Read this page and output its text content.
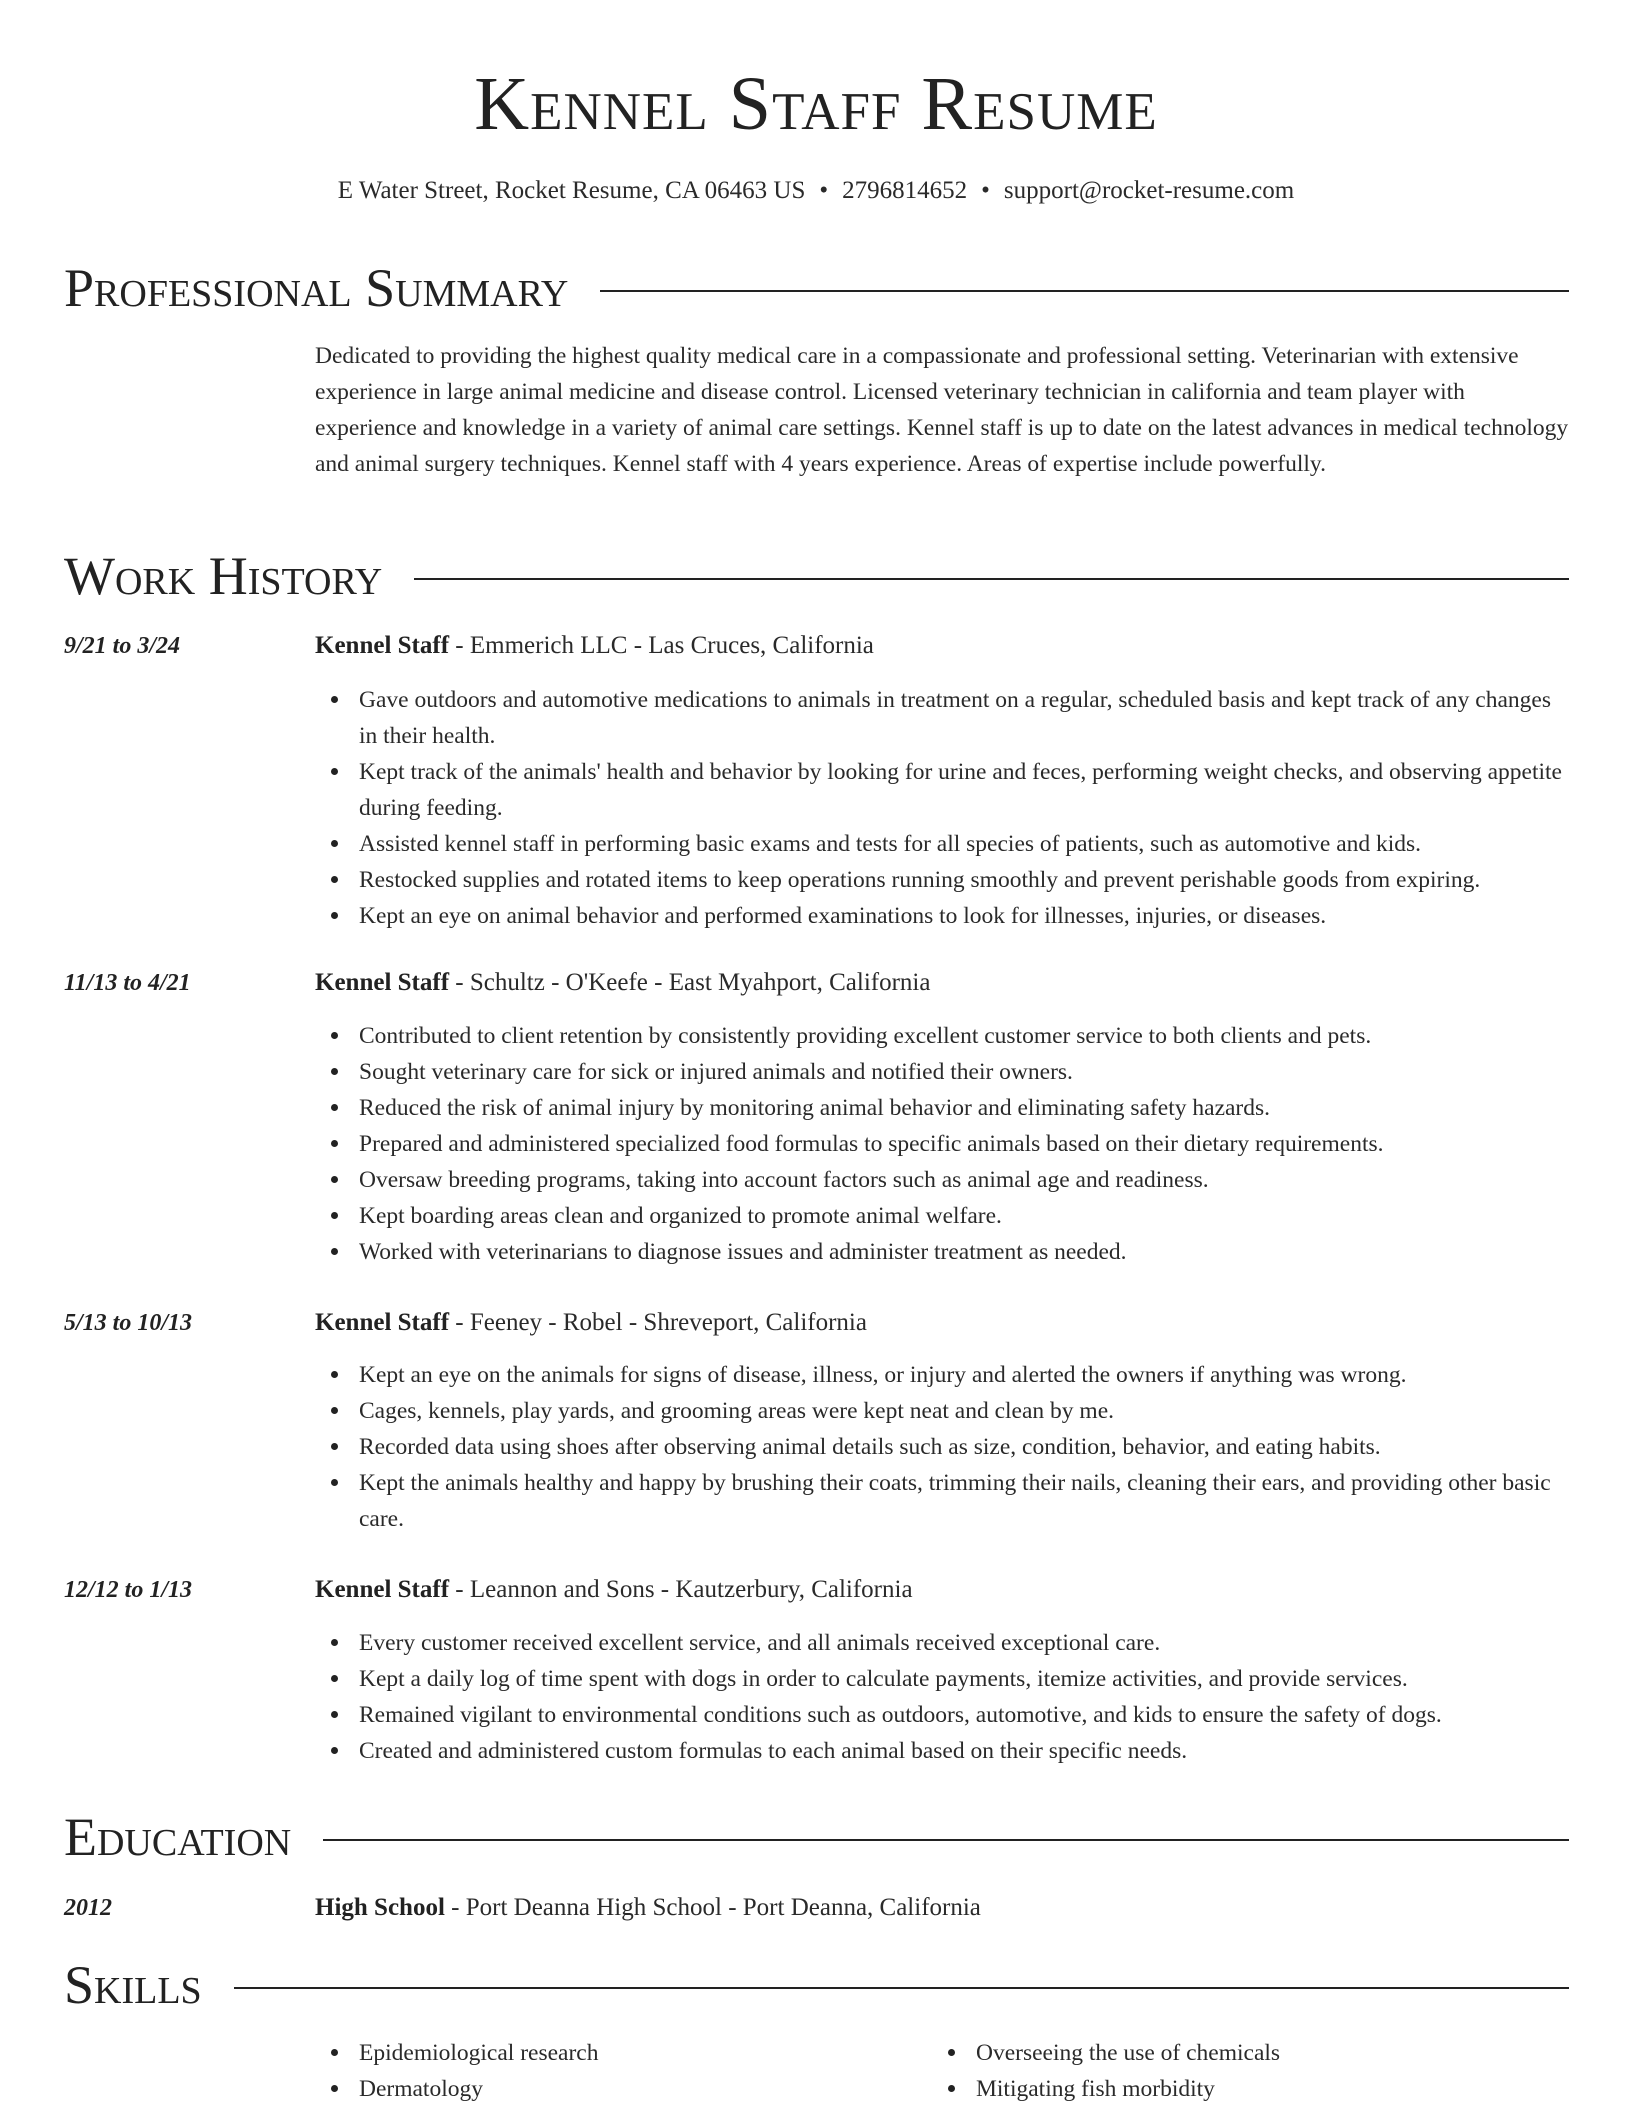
Kennel Staff Resume
E Water Street, Rocket Resume, CA 06463 US • 2796814652 • support@rocket-resume.com
Professional Summary

Dedicated to providing the highest quality medical care in a compassionate and professional setting. Veterinarian with extensive experience in large animal medicine and disease control. Licensed veterinary technician in california and team player with experience and knowledge in a variety of animal care settings. Kennel staff is up to date on the latest advances in medical technology and animal surgery techniques. Kennel staff with 4 years experience. Areas of expertise include powerfully.

Work History
9/21 to 3/24	Kennel Staff - Emmerich LLC - Las Cruces, California
Gave outdoors and automotive medications to animals in treatment on a regular, scheduled basis and kept track of any changes in their health.
Kept track of the animals' health and behavior by looking for urine and feces, performing weight checks, and observing appetite during feeding.
Assisted kennel staff in performing basic exams and tests for all species of patients, such as automotive and kids.
Restocked supplies and rotated items to keep operations running smoothly and prevent perishable goods from expiring.
Kept an eye on animal behavior and performed examinations to look for illnesses, injuries, or diseases.
11/13 to 4/21	Kennel Staff - Schultz - O'Keefe - East Myahport, California
Contributed to client retention by consistently providing excellent customer service to both clients and pets.
Sought veterinary care for sick or injured animals and notified their owners.
Reduced the risk of animal injury by monitoring animal behavior and eliminating safety hazards.
Prepared and administered specialized food formulas to specific animals based on their dietary requirements.
Oversaw breeding programs, taking into account factors such as animal age and readiness.
Kept boarding areas clean and organized to promote animal welfare.
Worked with veterinarians to diagnose issues and administer treatment as needed.
5/13 to 10/13	Kennel Staff - Feeney - Robel - Shreveport, California
Kept an eye on the animals for signs of disease, illness, or injury and alerted the owners if anything was wrong.
Cages, kennels, play yards, and grooming areas were kept neat and clean by me.
Recorded data using shoes after observing animal details such as size, condition, behavior, and eating habits.
Kept the animals healthy and happy by brushing their coats, trimming their nails, cleaning their ears, and providing other basic care.
12/12 to 1/13	Kennel Staff - Leannon and Sons - Kautzerbury, California
Every customer received excellent service, and all animals received exceptional care.
Kept a daily log of time spent with dogs in order to calculate payments, itemize activities, and provide services.
Remained vigilant to environmental conditions such as outdoors, automotive, and kids to ensure the safety of dogs.
Created and administered custom formulas to each animal based on their specific needs.
Education
2012	High School - Port Deanna High School - Port Deanna, California
Skills
Epidemiological research
Dermatology
Overseeing the use of chemicals
Mitigating fish morbidity
